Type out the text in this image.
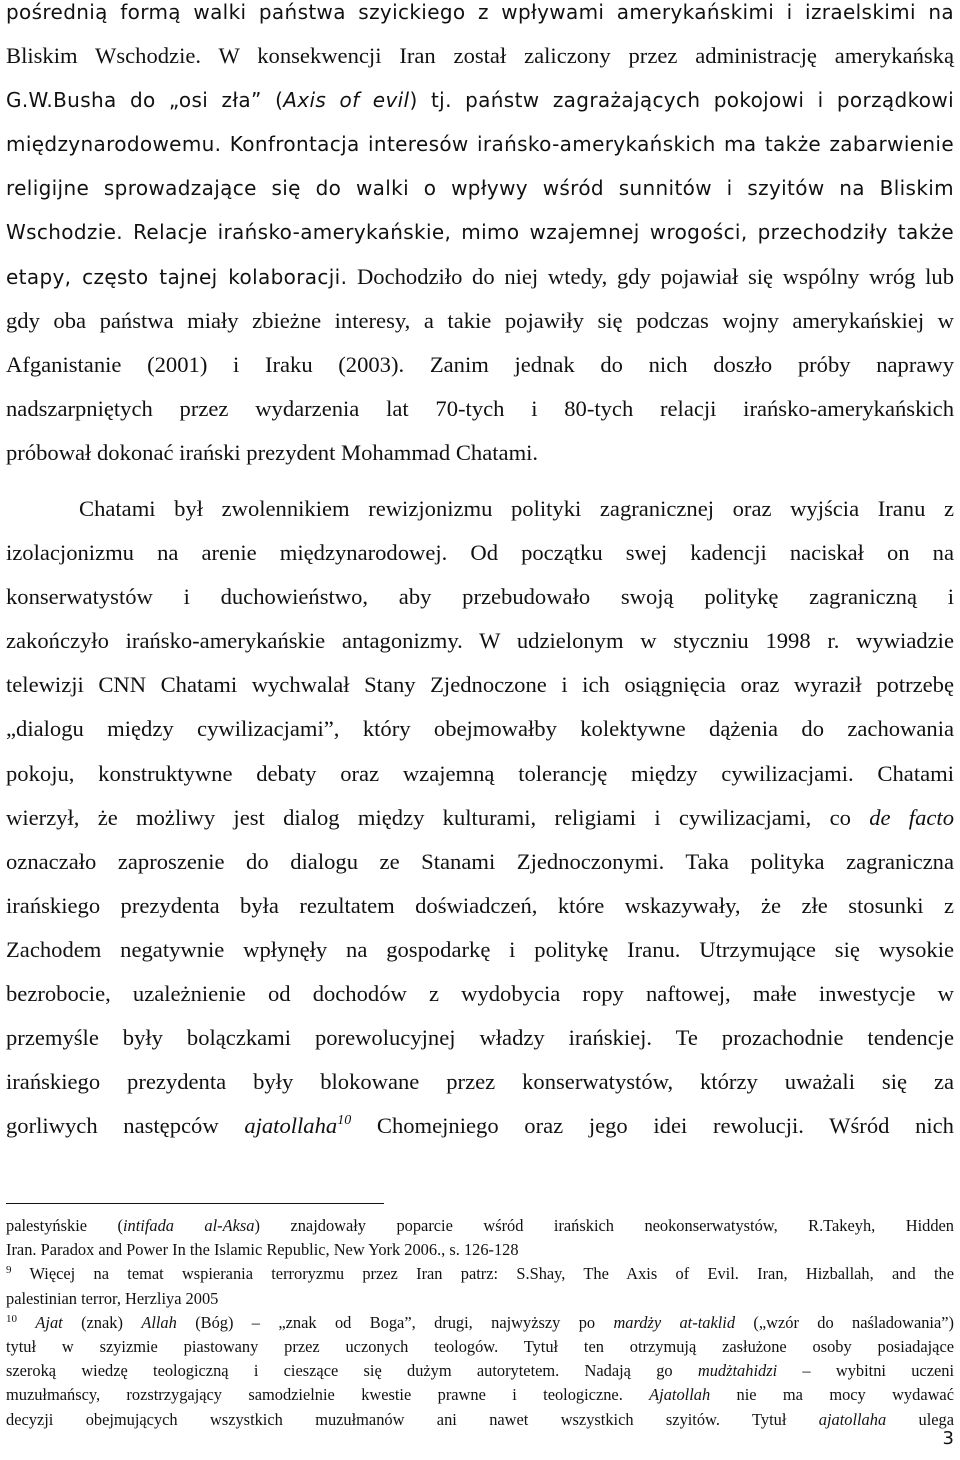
pośrednią formą walki państwa szyickiego z wpływami amerykańskimi i izraelskimi na
Bliskim Wschodzie. W konsekwencji Iran został zaliczony przez administrację amerykańską
G.W.Busha do „osi zła” (Axis of evil) tj. państw zagrażających pokojowi i porządkowi
międzynarodowemu. Konfrontacja interesów irańsko-amerykańskich ma także zabarwienie
religijne sprowadzające się do walki o wpływy wśród sunnitów i szyitów na Bliskim
Wschodzie. Relacje irańsko-amerykańskie, mimo wzajemnej wrogości, przechodziły także
etapy, często tajnej kolaboracji. Dochodziło do niej wtedy, gdy pojawiał się wspólny wróg lub
gdy oba państwa miały zbieżne interesy, a takie pojawiły się podczas wojny amerykańskiej w
Afganistanie (2001) i Iraku (2003). Zanim jednak do nich doszło próby naprawy
nadszarpniętych przez wydarzenia lat 70-tych i 80-tych relacji irańsko-amerykańskich
próbował dokonać irański prezydent Mohammad Chatami.
Chatami był zwolennikiem rewizjonizmu polityki zagranicznej oraz wyjścia Iranu z
izolacjonizmu na arenie międzynarodowej. Od początku swej kadencji naciskał on na
konserwatystów i duchowieństwo, aby przebudowało swoją politykę zagraniczną i
zakończyło irańsko-amerykańskie antagonizmy. W udzielonym w styczniu 1998 r. wywiadzie
telewizji CNN Chatami wychwalał Stany Zjednoczone i ich osiągnięcia oraz wyraził potrzebę
„dialogu między cywilizacjami”, który obejmowałby kolektywne dążenia do zachowania
pokoju, konstruktywne debaty oraz wzajemną tolerancję między cywilizacjami. Chatami
wierzył, że możliwy jest dialog między kulturami, religiami i cywilizacjami, co de facto
oznaczało zaproszenie do dialogu ze Stanami Zjednoczonymi. Taka polityka zagraniczna
irańskiego prezydenta była rezultatem doświadczeń, które wskazywały, że złe stosunki z
Zachodem negatywnie wpłynęły na gospodarkę i politykę Iranu. Utrzymujące się wysokie
bezrobocie, uzależnienie od dochodów z wydobycia ropy naftowej, małe inwestycje w
przemyśle były bolączkami porewolucyjnej władzy irańskiej. Te prozachodnie tendencje
irańskiego prezydenta były blokowane przez konserwatystów, którzy uważali się za
gorliwych następców ajatollaha$^{10}$ Chomejniego oraz jego idei rewolucji. Wśród nich
palestyńskie (intifada al-Aksa) znajdowały poparcie wśród irańskich neokonserwatystów, R.Takeyh, Hidden
Iran. Paradox and Power In the Islamic Republic, New York 2006., s. 126-128
$^9$ Więcej na temat wspierania terroryzmu przez Iran patrz: S.Shay, The Axis of Evil. Iran, Hizballah, and the
palestinian terror, Herzliya 2005
$^{10}$ Ajat (znak) Allah (Bóg) – „znak od Boga”, drugi, najwyższy po mardży at-taklid („wzór do naśladowania”)
tytuł w szyizmie piastowany przez uczonych teologów. Tytuł ten otrzymują zasłużone osoby posiadające
szeroką wiedzę teologiczną i cieszące się dużym autorytetem. Nadają go mudżtahidzi – wybitni uczeni
muzułmańscy, rozstrzygający samodzielnie kwestie prawne i teologiczne. Ajatollah nie ma mocy wydawać
decyzji obejmujących wszystkich muzułmanów ani nawet wszystkich szyitów. Tytuł ajatollaha ulega
3
